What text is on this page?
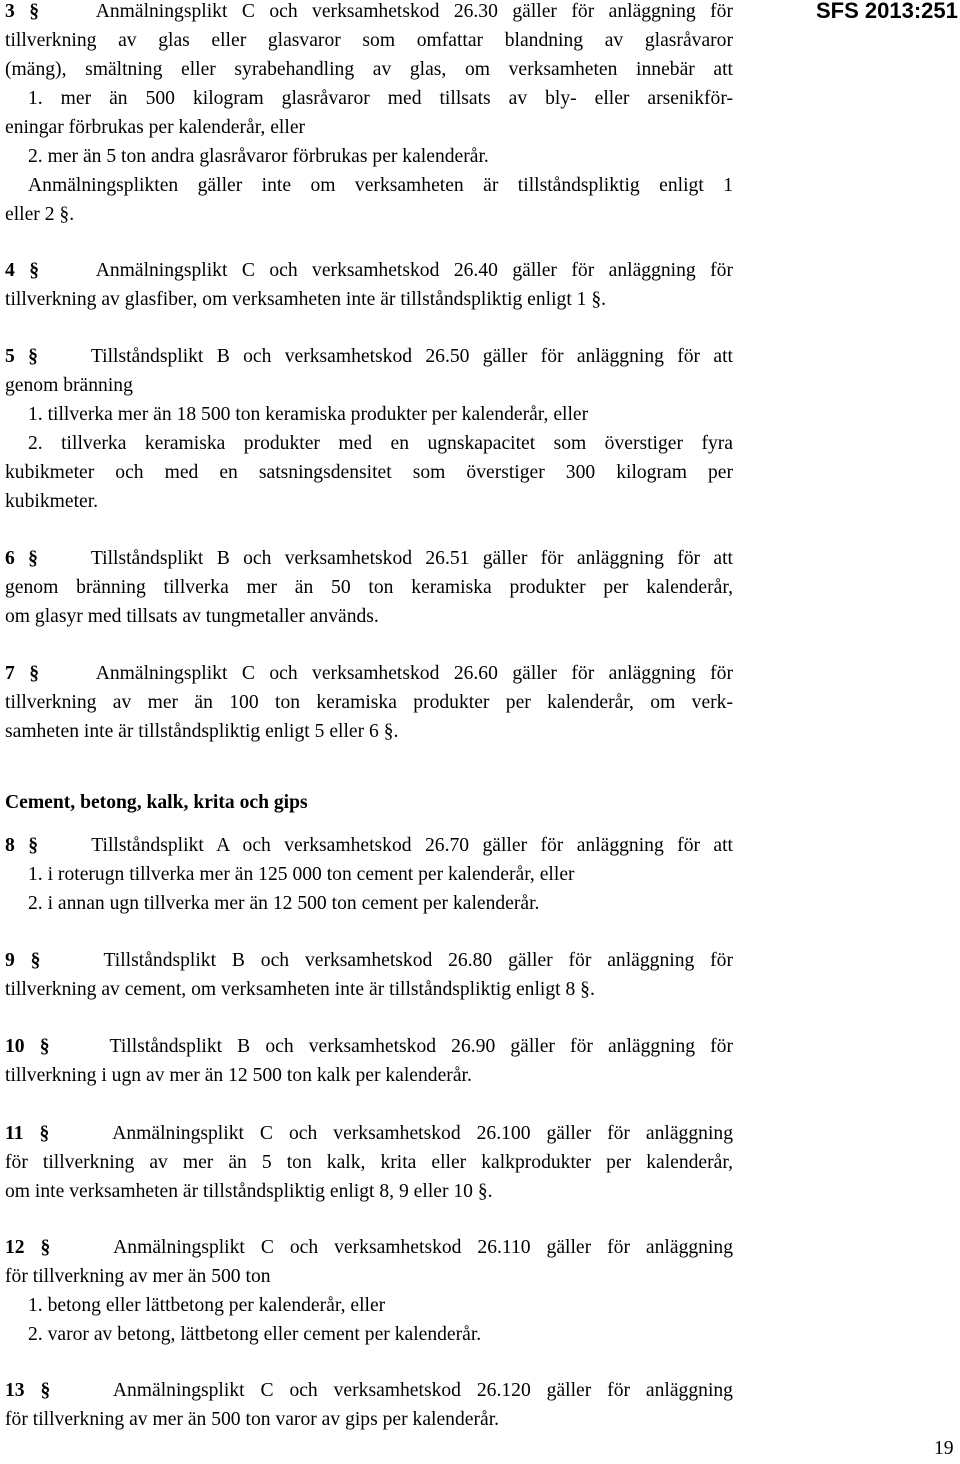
SFS 2013:251
3 §	Anmälningsplikt C och verksamhetskod 26.30 gäller för anläggning för
tillverkning av glas eller glasvaror som omfattar blandning av glasråvaror
(mäng), smältning eller syrabehandling av glas, om verksamheten innebär att
1. mer än 500 kilogram glasråvaror med tillsats av bly- eller arsenikför-
eningar förbrukas per kalenderår, eller
2. mer än 5 ton andra glasråvaror förbrukas per kalenderår.
Anmälningsplikten gäller inte om verksamheten är tillståndspliktig enligt 1
eller 2 §.
4 §	Anmälningsplikt C och verksamhetskod 26.40 gäller för anläggning för
tillverkning av glasfiber, om verksamheten inte är tillståndspliktig enligt 1 §.
5 §	Tillståndsplikt B och verksamhetskod 26.50 gäller för anläggning för att
genom bränning
1. tillverka mer än 18 500 ton keramiska produkter per kalenderår, eller
2. tillverka keramiska produkter med en ugnskapacitet som överstiger fyra
kubikmeter och med en satsningsdensitet som överstiger 300 kilogram per
kubikmeter.
6 §	Tillståndsplikt B och verksamhetskod 26.51 gäller för anläggning för att
genom bränning tillverka mer än 50 ton keramiska produkter per kalenderår,
om glasyr med tillsats av tungmetaller används.
7 §	Anmälningsplikt C och verksamhetskod 26.60 gäller för anläggning för
tillverkning av mer än 100 ton keramiska produkter per kalenderår, om verk-
samheten inte är tillståndspliktig enligt 5 eller 6 §.
Cement, betong, kalk, krita och gips
8 §	Tillståndsplikt A och verksamhetskod 26.70 gäller för anläggning för att
1. i roterugn tillverka mer än 125 000 ton cement per kalenderår, eller
2. i annan ugn tillverka mer än 12 500 ton cement per kalenderår.
9 §	Tillståndsplikt B och verksamhetskod 26.80 gäller för anläggning för
tillverkning av cement, om verksamheten inte är tillståndspliktig enligt 8 §.
10 §	Tillståndsplikt B och verksamhetskod 26.90 gäller för anläggning för
tillverkning i ugn av mer än 12 500 ton kalk per kalenderår.
11 §	Anmälningsplikt C och verksamhetskod 26.100 gäller för anläggning
för tillverkning av mer än 5 ton kalk, krita eller kalkprodukter per kalenderår,
om inte verksamheten är tillståndspliktig enligt 8, 9 eller 10 §.
12 §	Anmälningsplikt C och verksamhetskod 26.110 gäller för anläggning
för tillverkning av mer än 500 ton
1. betong eller lättbetong per kalenderår, eller
2. varor av betong, lättbetong eller cement per kalenderår.
13 §	Anmälningsplikt C och verksamhetskod 26.120 gäller för anläggning
för tillverkning av mer än 500 ton varor av gips per kalenderår.
19
